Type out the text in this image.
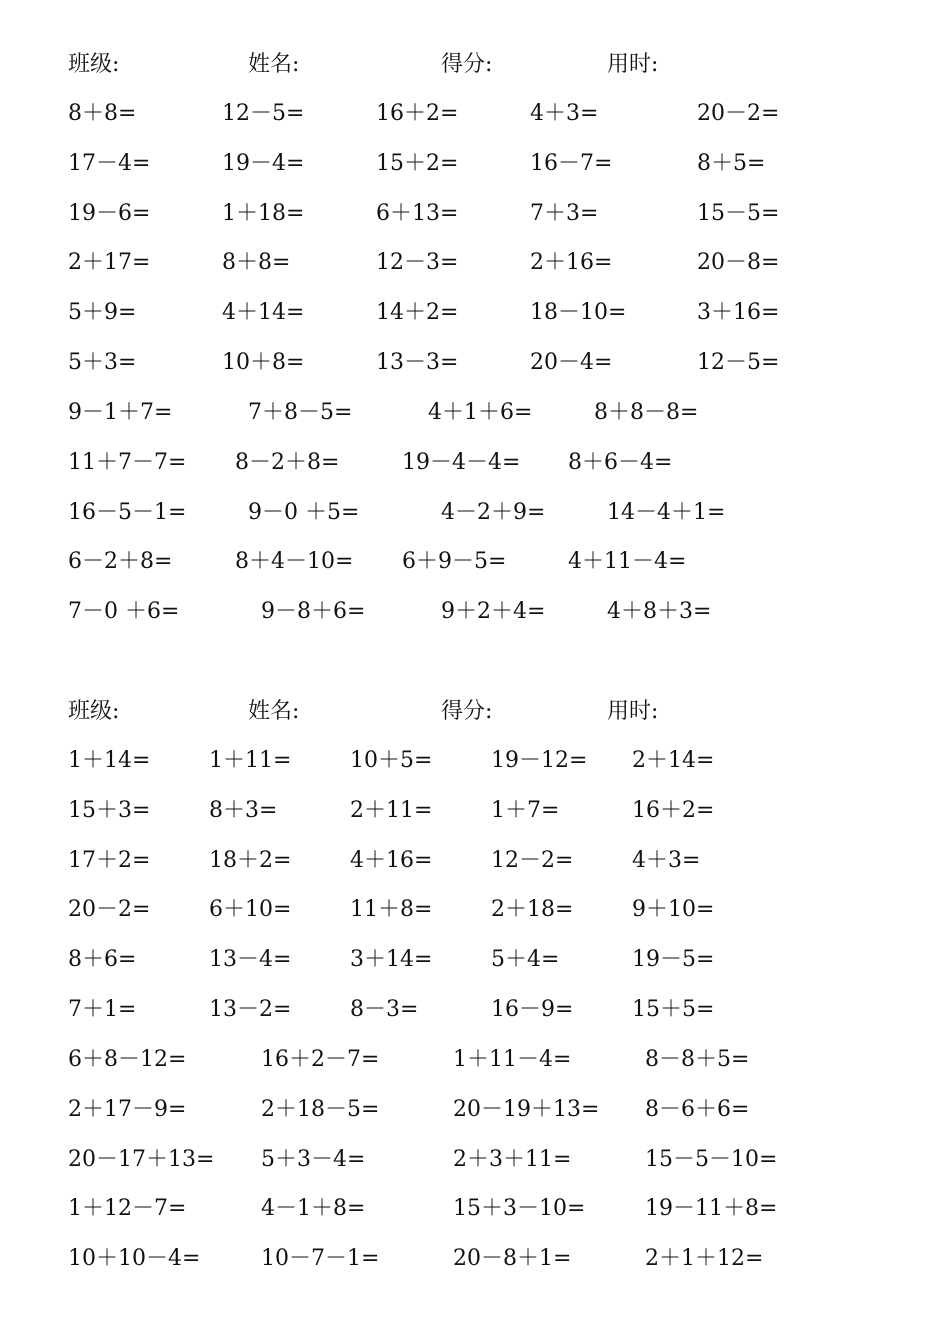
班级:	姓名:	得分:	用时:
8＋8=	12－5=	16＋2=	4＋3=	20－2=
17－4=	19－4=	15＋2=	16－7=	8＋5=
19－6=	1＋18=	6＋13=	7＋3=	15－5=
2＋17=	8＋8=	12－3=	2＋16=	20－8=
5＋9=	4＋14=	14＋2=	18－10=	3＋16=
5＋3=	10＋8=	13－3=	20－4=	12－5=
9－1＋7=	7＋8－5=	4＋1＋6=	8＋8－8=
11＋7－7= 8－2＋8=	19－4－4= 8＋6－4=
16－5－1=	9－0 ＋5=	4－2＋9=	14－4＋1=
6－2＋8=	8＋4－10= 6＋9－5=	4＋11－4=
7－0 ＋6=	9－8＋6=	9＋2＋4=	4＋8＋3=
班级:	姓名:	得分:	用时:
1＋14=	1＋11=	10＋5=	19－12= 2＋14=
15＋3=	8＋3=	2＋11=	1＋7=	16＋2=
17＋2=	18＋2=	4＋16=	12－2=	4＋3=
20－2=	6＋10=	11＋8=	2＋18=	9＋10=
8＋6=	13－4=	3＋14=	5＋4=	19－5=
7＋1=	13－2=	8－3=	16－9=	15＋5=
6＋8－12=	16＋2－7=	1＋11－4=	8－8＋5=
2＋17－9=	2＋18－5=	20－19＋13= 8－6＋6=
20－17＋13= 5＋3－4=	2＋3＋11=	15－5－10=
1＋12－7=	4－1＋8=	15＋3－10=	19－11＋8=
10＋10－4=	10－7－1=	20－8＋1=	2＋1＋12=
